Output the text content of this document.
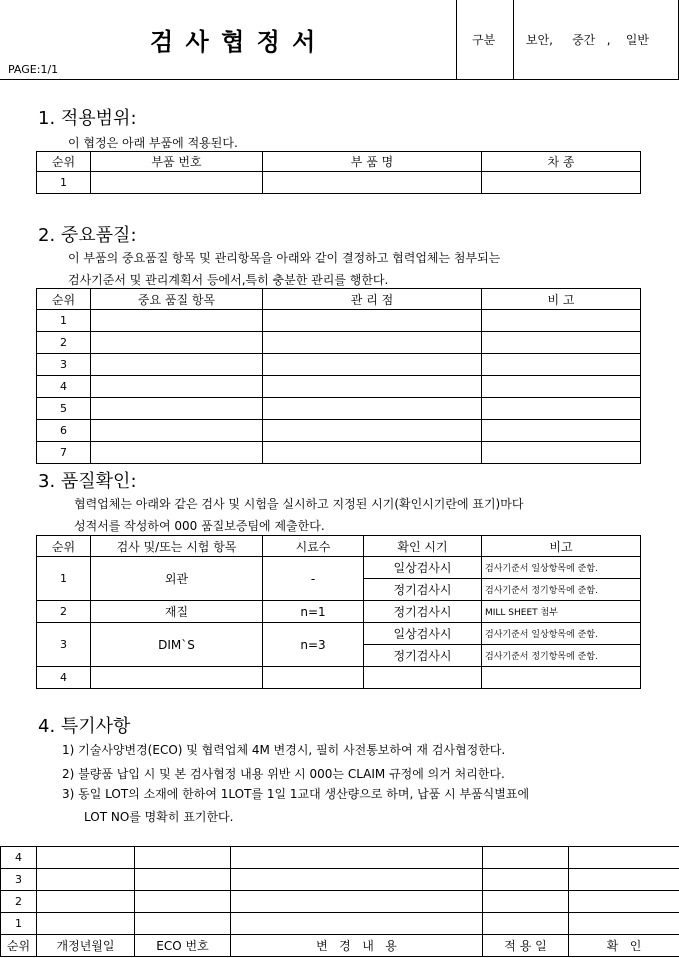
검 사 협 정 서
PAGE:1/1
구분	보안,     중간   ,    일반
1. 적용범위:
이 협정은 아래 부품에 적용된다.
순위	부품 번호	부 품 명	차 종
1			
2. 중요품질:
이 부품의 중요품질 항목 및 관리항목을 아래와 같이 결정하고 협력업체는 첨부되는
검사기준서 및 관리계획서 등에서,특히 충분한 관리를 행한다.
순위	중요 품질 항목	관 리 점	비 고
1			
2			
3			
4			
5			
6			
7			
3. 품질확인:
협력업체는 아래와 같은 검사 및 시험을 실시하고 지정된 시기(확인시기란에 표기)마다
성적서를 작성하여 000 품질보증팀에 제출한다.
순위	검사 및/또는 시험 항목	시료수	확인 시기	비고
1	외관	-	일상검사시	검사기준서 일상항목에 준함.
			정기검사시	검사기준서 정기항목에 준함.
2	재질	n=1	정기검사시	MILL SHEET 첨부
3	DIM`S	n=3	일상검사시	검사기준서 일상항목에 준함.
			정기검사시	검사기준서 정기항목에 준함.
4				
4. 특기사항
1) 기술사양변경(ECO) 및 협력업체 4M 변경시, 필히 사전통보하여 재 검사협정한다.
2) 불량품 납입 시 및 본 검사협정 내용 위반 시 000는 CLAIM 규정에 의거 처리한다.
3) 동일 LOT의 소재에 한하여 1LOT를 1일 1교대 생산량으로 하며, 납품 시 부품식별표에
LOT NO를 명확히 표기한다.
4					
3					
2					
1					
순위	개정년월일	ECO 번호	변   경   내   용	적 용 일	확   인
